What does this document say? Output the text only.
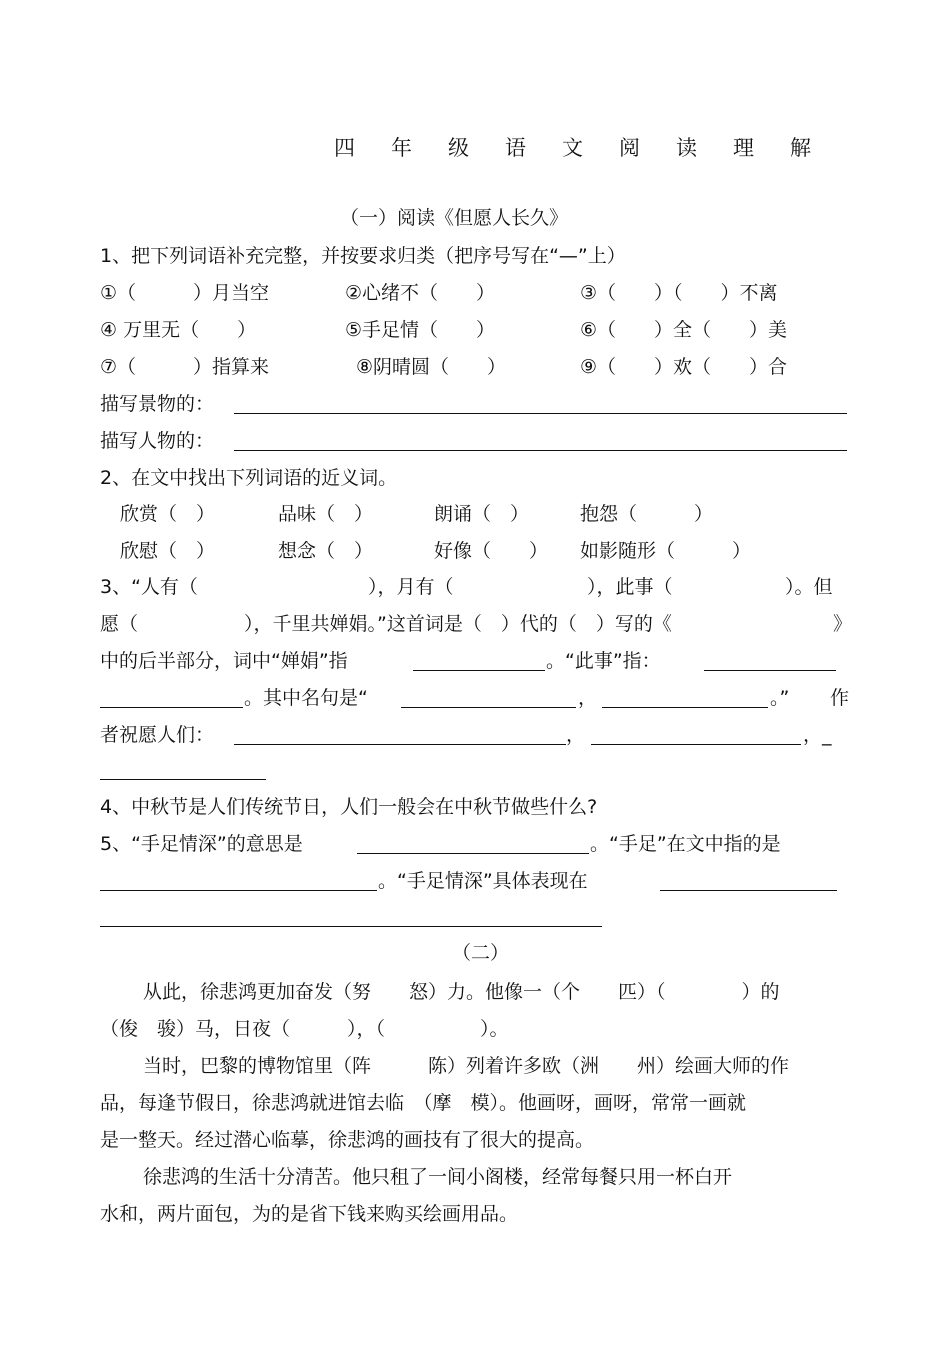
四年级语文阅读理解
（一）阅读《但愿人长久》
1、把下列词语补充完整，并按要求归类（把序号写在“—”上）
①（　　　）月当空	②心绪不（　　）	③（　　）（　　）不离
④ 万里无（　　）	⑤手足情（　　）	⑥（　　）全（　　）美
⑦（　　　）指算来	⑧阴晴圆（　　）	⑨（　　）欢（　　）合
描写景物的：
描写人物的：
2、在文中找出下列词语的近义词。
欣赏（　）	品味（　）	朗诵（　）	抱怨（　　　）
欣慰（　）	想念（　）	好像（　　） 如影随形（　　　）
3、“人有（	），月有（	），此事（	）。但
愿（	），千里共婵娟。”这首词是（　）代的（　）写的《	》
中的后半部分，词中“婵娟”指	。“此事”指：
。其中名句是“	，	。” 作
者祝愿人们：	，	，_
4、中秋节是人们传统节日，人们一般会在中秋节做些什么?
5、“手足情深”的意思是	。“手足”在文中指的是
。“手足情深”具体表现在
（二）
从此，徐悲鸿更加奋发（努　　怒）力。他像一（个　　匹）（　　　　）的
（俊　骏）马，日夜（　　　），（　　　　　）。
当时，巴黎的博物馆里（阵　　　陈）列着许多欧（洲　　州）绘画大师的作
品，每逢节假日，徐悲鸿就进馆去临　（摩　模）。他画呀，画呀，常常一画就
是一整天。经过潜心临摹，徐悲鸿的画技有了很大的提高。
徐悲鸿的生活十分清苦。他只租了一间小阁楼，经常每餐只用一杯白开
水和，两片面包，为的是省下钱来购买绘画用品。
